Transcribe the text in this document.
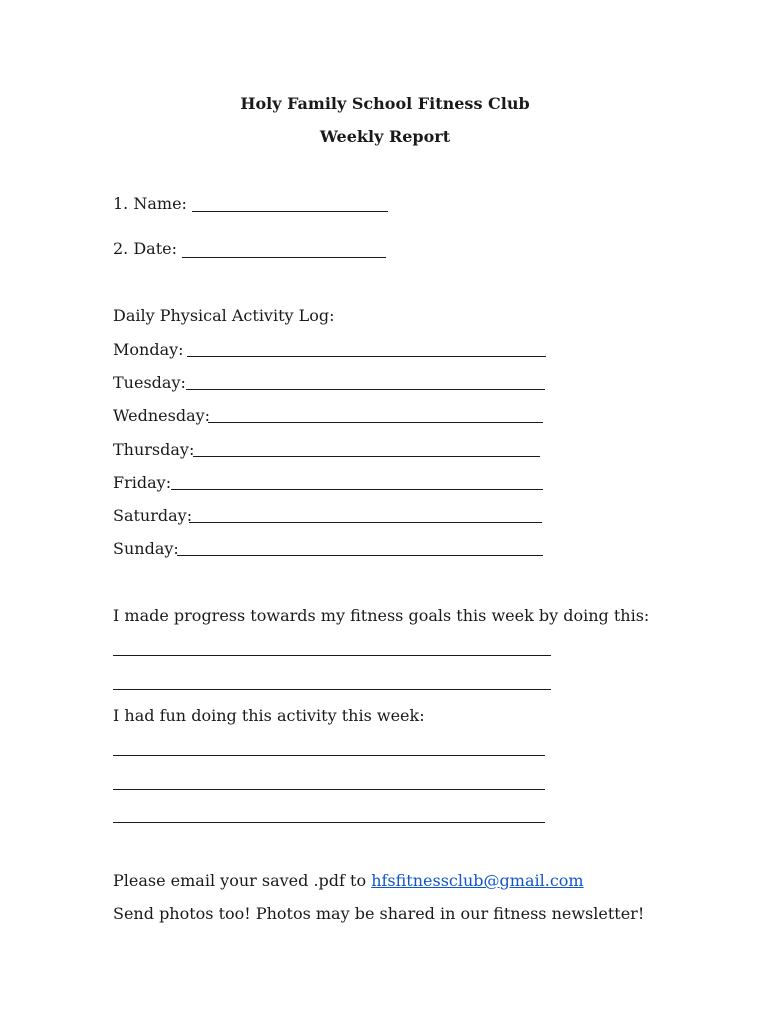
Holy Family School Fitness Club
Weekly Report
1. Name:
2. Date:
Daily Physical Activity Log:
Monday:
Tuesday:
Wednesday:
Thursday:
Friday:
Saturday:
Sunday:
I made progress towards my fitness goals this week by doing this:
I had fun doing this activity this week:
Please email your saved .pdf to hfsfitnessclub@gmail.com
Send photos too! Photos may be shared in our fitness newsletter!
